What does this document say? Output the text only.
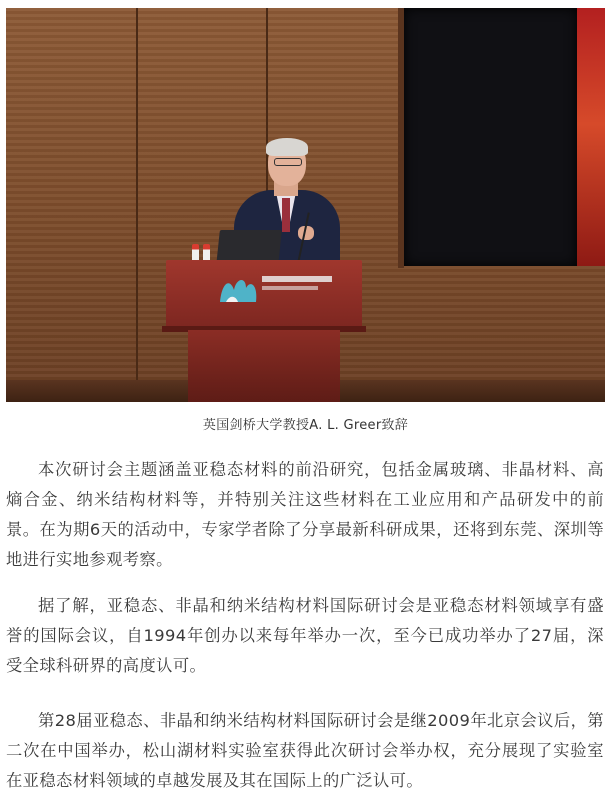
英国剑桥大学教授A. L. Greer致辞

本次研讨会主题涵盖亚稳态材料的前沿研究，包括金属玻璃、非晶材料、高熵合金、纳米结构材料等，并特别关注这些材料在工业应用和产品研发中的前景。在为期6天的活动中，专家学者除了分享最新科研成果，还将到东莞、深圳等地进行实地参观考察。

据了解，亚稳态、非晶和纳米结构材料国际研讨会是亚稳态材料领域享有盛誉的国际会议，自1994年创办以来每年举办一次，至今已成功举办了27届，深受全球科研界的高度认可。

第28届亚稳态、非晶和纳米结构材料国际研讨会是继2009年北京会议后，第二次在中国举办，松山湖材料实验室获得此次研讨会举办权，充分展现了实验室在亚稳态材料领域的卓越发展及其在国际上的广泛认可。
